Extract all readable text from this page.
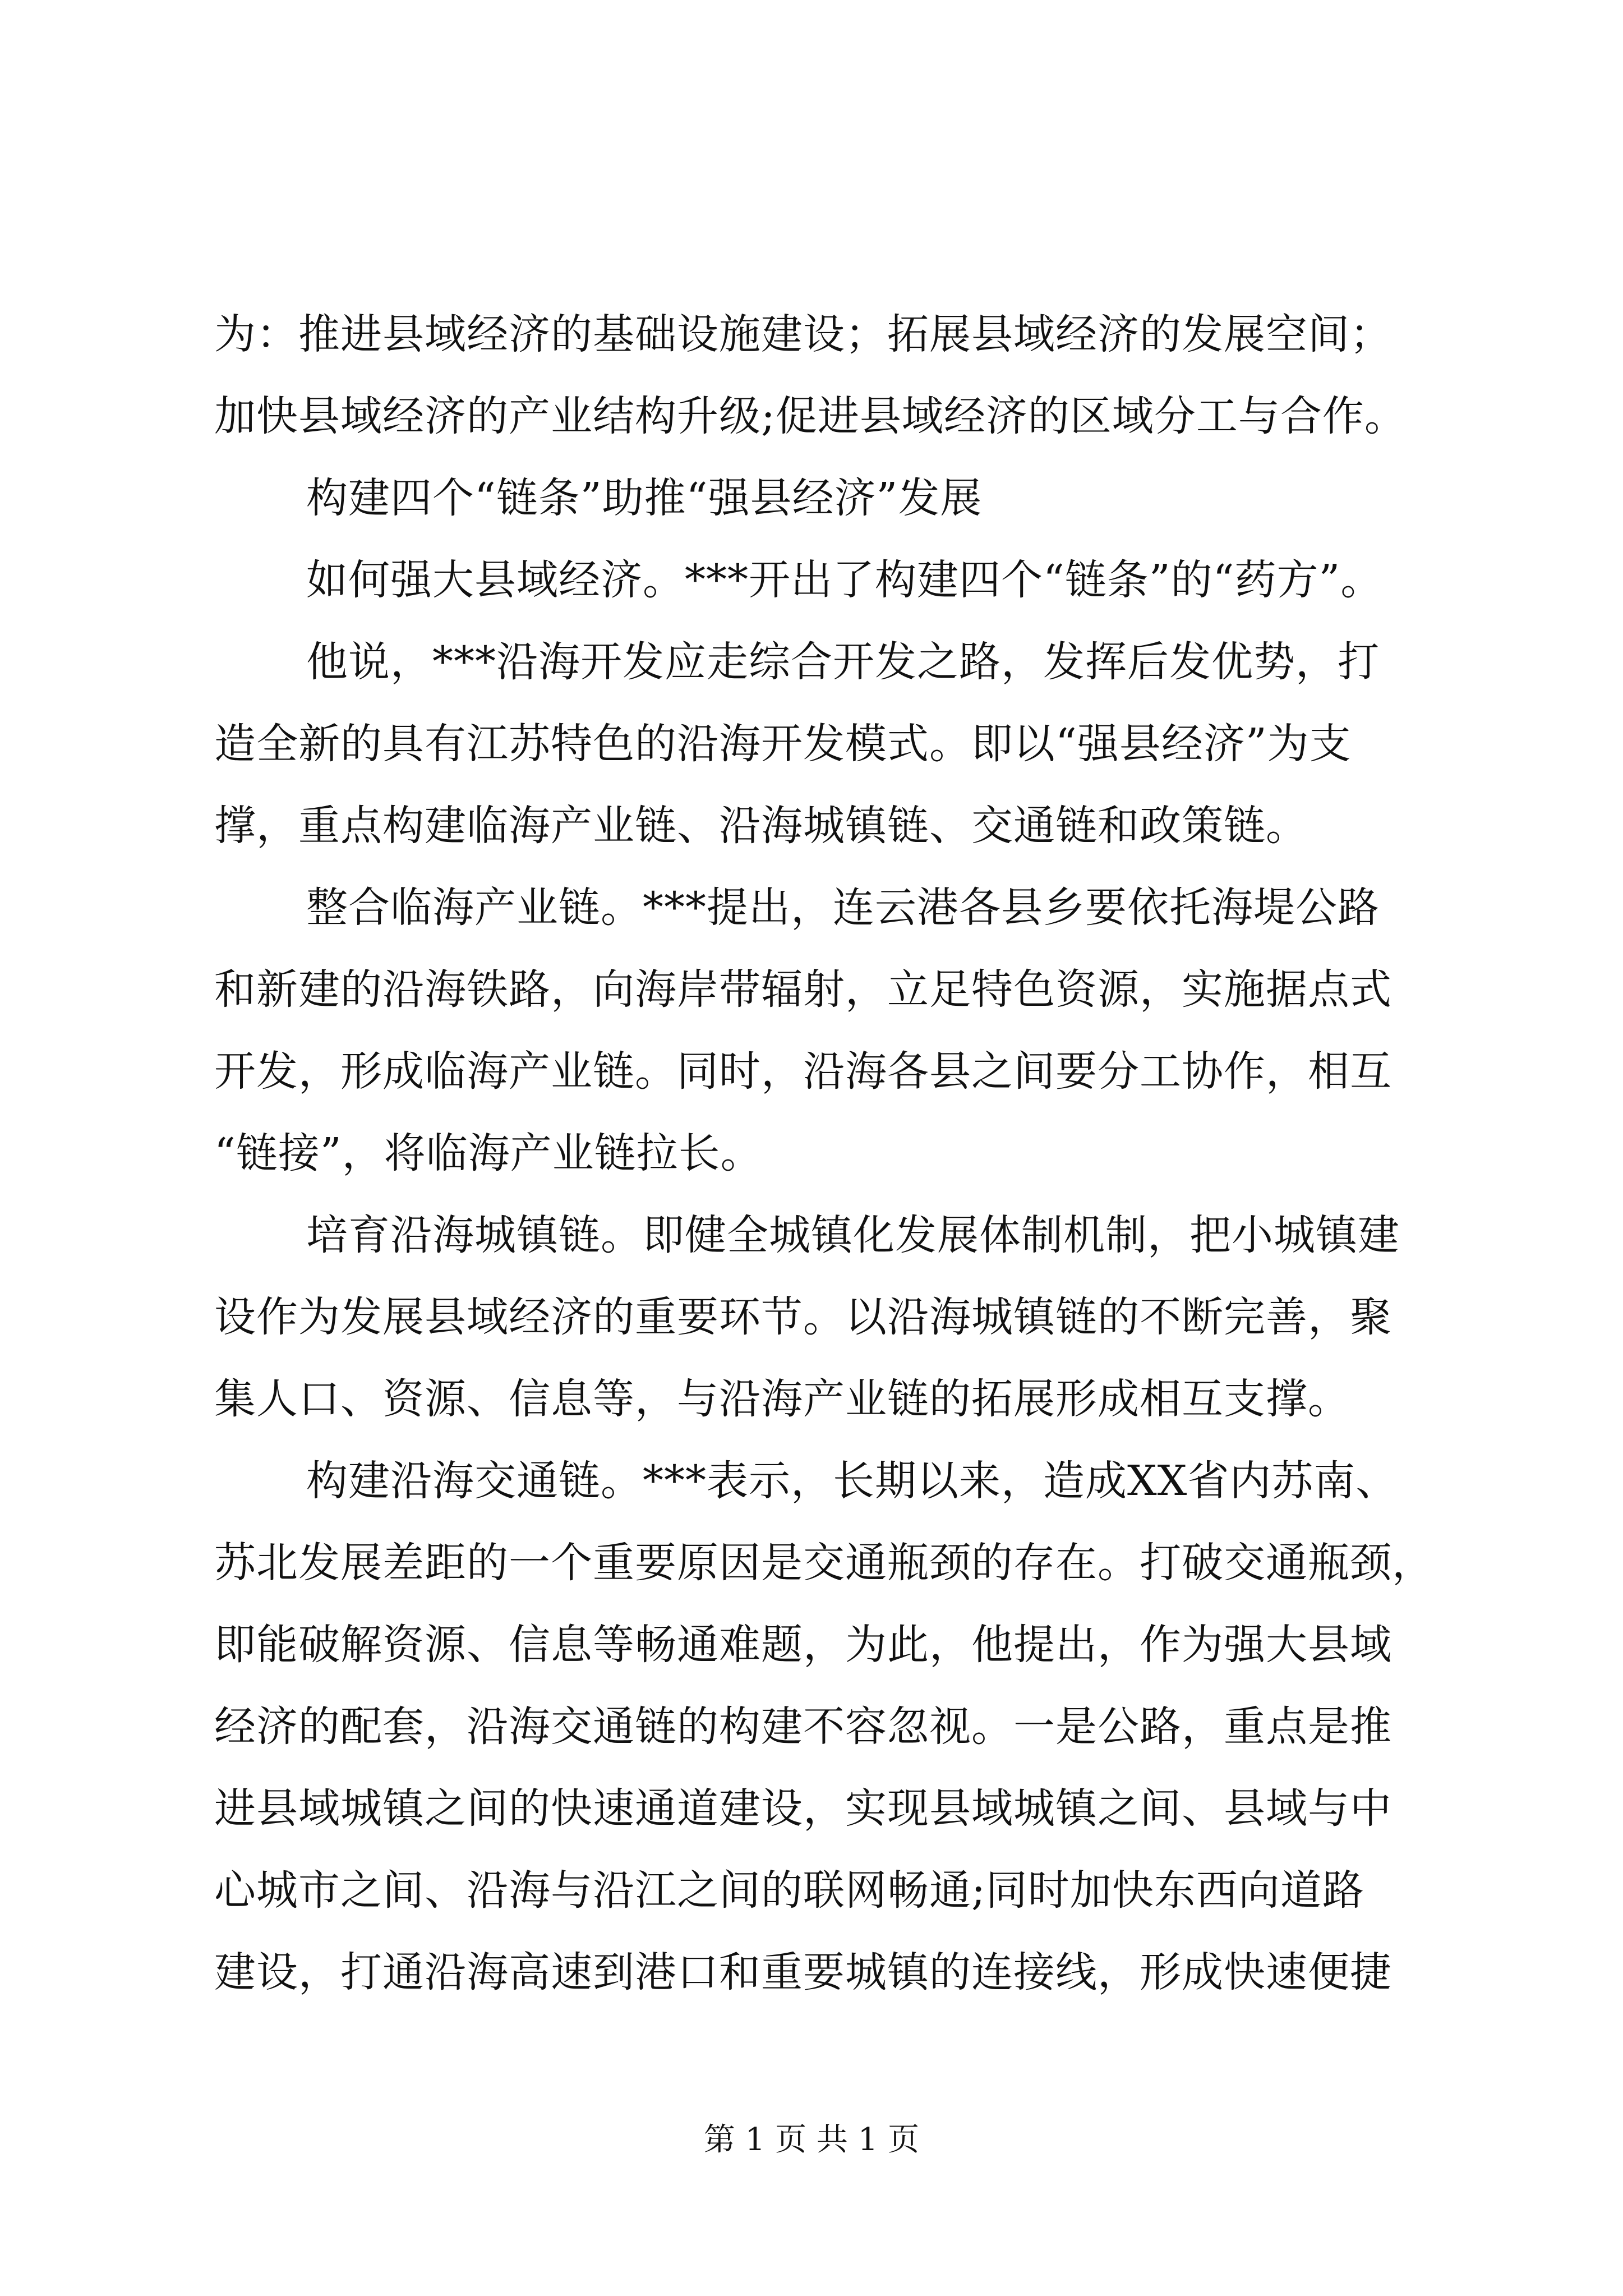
为：推进县域经济的基础设施建设；拓展县域经济的发展空间；
加快县域经济的产业结构升级;促进县域经济的区域分工与合作。
构建四个“链条”助推“强县经济”发展
如何强大县域经济。***开出了构建四个“链条”的“药方”。
他说，***沿海开发应走综合开发之路，发挥后发优势，打
造全新的具有江苏特色的沿海开发模式。即以“强县经济”为支
撑，重点构建临海产业链、沿海城镇链、交通链和政策链。
整合临海产业链。***提出，连云港各县乡要依托海堤公路
和新建的沿海铁路，向海岸带辐射，立足特色资源，实施据点式
开发，形成临海产业链。同时，沿海各县之间要分工协作，相互
“链接”，将临海产业链拉长。
培育沿海城镇链。即健全城镇化发展体制机制，把小城镇建
设作为发展县域经济的重要环节。以沿海城镇链的不断完善，聚
集人口、资源、信息等，与沿海产业链的拓展形成相互支撑。
构建沿海交通链。***表示，长期以来，造成XX省内苏南、
苏北发展差距的一个重要原因是交通瓶颈的存在。打破交通瓶颈，
即能破解资源、信息等畅通难题，为此，他提出，作为强大县域
经济的配套，沿海交通链的构建不容忽视。一是公路，重点是推
进县域城镇之间的快速通道建设，实现县域城镇之间、县域与中
心城市之间、沿海与沿江之间的联网畅通;同时加快东西向道路
建设，打通沿海高速到港口和重要城镇的连接线，形成快速便捷
第 1 页 共 1 页
